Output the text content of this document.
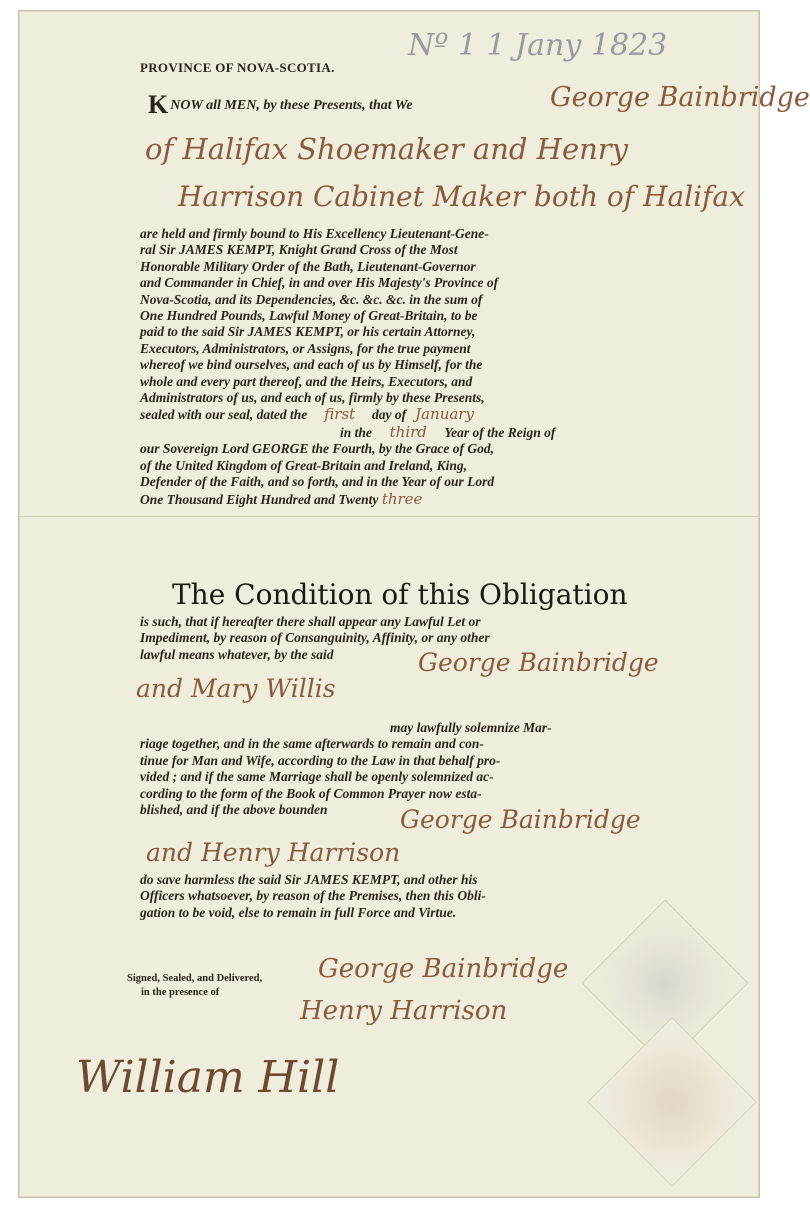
Nº 1 1 Jany 1823
PROVINCE OF NOVA-SCOTIA.
KNOW all MEN, by these Presents, that We	George Bainbridge
of Halifax Shoemaker and Henry
Harrison Cabinet Maker both of Halifax
are held and firmly bound to His Excellency Lieutenant-Gene-
ral Sir JAMES KEMPT, Knight Grand Cross of the Most
Honorable Military Order of the Bath, Lieutenant-Governor
and Commander in Chief, in and over His Majesty's Province of
Nova-Scotia, and its Dependencies, &c. &c. &c. in the sum of
One Hundred Pounds, Lawful Money of Great-Britain, to be
paid to the said Sir JAMES KEMPT, or his certain Attorney,
Executors, Administrators, or Assigns, for the true payment
whereof we bind ourselves, and each of us by Himself, for the
whole and every part thereof, and the Heirs, Executors, and
Administrators of us, and each of us, firmly by these Presents,
sealed with our seal, dated the first day of January
in the third Year of the Reign of
our Sovereign Lord GEORGE the Fourth, by the Grace of God,
of the United Kingdom of Great-Britain and Ireland, King,
Defender of the Faith, and so forth, and in the Year of our Lord
One Thousand Eight Hundred and Twenty three
The Condition of this Obligation
is such, that if hereafter there shall appear any Lawful Let or
Impediment, by reason of Consanguinity, Affinity, or any other
lawful means whatever, by the said	George Bainbridge
and Mary Willis
may lawfully solemnize Mar-
riage together, and in the same afterwards to remain and con-
tinue for Man and Wife, according to the Law in that behalf pro-
vided ; and if the same Marriage shall be openly solemnized ac-
cording to the form of the Book of Common Prayer now esta-
blished, and if the above bounden	George Bainbridge
and Henry Harrison
do save harmless the said Sir JAMES KEMPT, and other his
Officers whatsoever, by reason of the Premises, then this Obli-
gation to be void, else to remain in full Force and Virtue.
Signed, Sealed, and Delivered,
in the presence of
George Bainbridge
Henry Harrison
William Hill
